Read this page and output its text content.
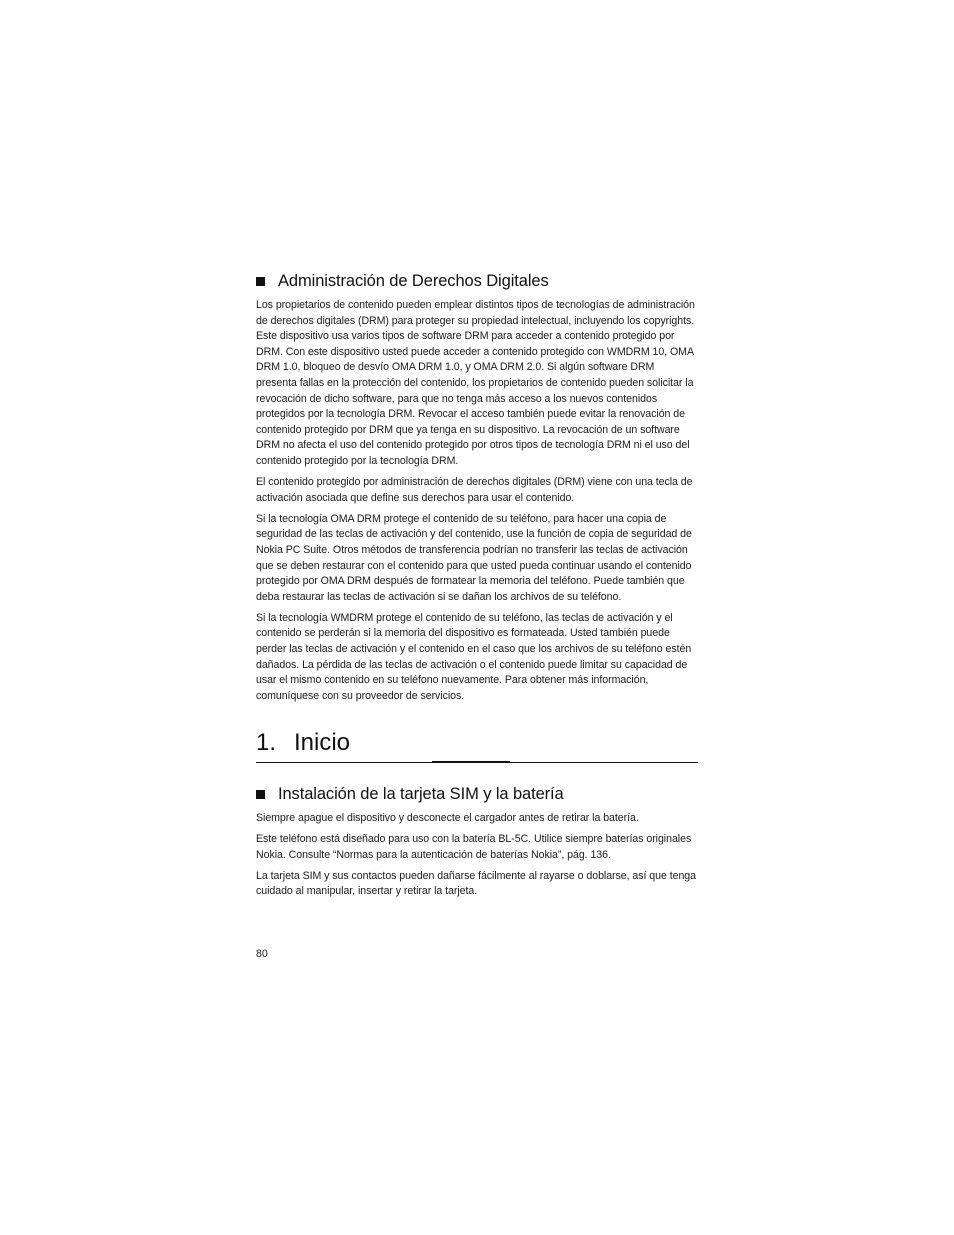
Administración de Derechos Digitales

Los propietarios de contenido pueden emplear distintos tipos de tecnologías de administración de derechos digitales (DRM) para proteger su propiedad intelectual, incluyendo los copyrights. Este dispositivo usa varios tipos de software DRM para acceder a contenido protegido por DRM. Con este dispositivo usted puede acceder a contenido protegido con WMDRM 10, OMA DRM 1.0, bloqueo de desvío OMA DRM 1.0, y OMA DRM 2.0. Si algún software DRM presenta fallas en la protección del contenido, los propietarios de contenido pueden solicitar la revocación de dicho software, para que no tenga más acceso a los nuevos contenidos protegidos por la tecnología DRM. Revocar el acceso también puede evitar la renovación de contenido protegido por DRM que ya tenga en su dispositivo. La revocación de un software DRM no afecta el uso del contenido protegido por otros tipos de tecnología DRM ni el uso del contenido protegido por la tecnología DRM.

El contenido protegido por administración de derechos digitales (DRM) viene con una tecla de activación asociada que define sus derechos para usar el contenido.

Si la tecnología OMA DRM protege el contenido de su teléfono, para hacer una copia de seguridad de las teclas de activación y del contenido, use la función de copia de seguridad de Nokia PC Suite. Otros métodos de transferencia podrían no transferir las teclas de activación que se deben restaurar con el contenido para que usted pueda continuar usando el contenido protegido por OMA DRM después de formatear la memoria del teléfono. Puede también que deba restaurar las teclas de activación si se dañan los archivos de su teléfono.

Si la tecnología WMDRM protege el contenido de su teléfono, las teclas de activación y el contenido se perderán si la memoria del dispositivo es formateada. Usted también puede perder las teclas de activación y el contenido en el caso que los archivos de su teléfono estén dañados. La pérdida de las teclas de activación o el contenido puede limitar su capacidad de usar el mismo contenido en su teléfono nuevamente. Para obtener más información, comuníquese con su proveedor de servicios.

1. Inicio
Instalación de la tarjeta SIM y la batería

Siempre apague el dispositivo y desconecte el cargador antes de retirar la batería.

Este teléfono está diseñado para uso con la batería BL-5C. Utilice siempre baterías originales Nokia. Consulte “Normas para la autenticación de baterías Nokia”, pág. 136.

La tarjeta SIM y sus contactos pueden dañarse fácilmente al rayarse o doblarse, así que tenga cuidado al manipular, insertar y retirar la tarjeta.

80
